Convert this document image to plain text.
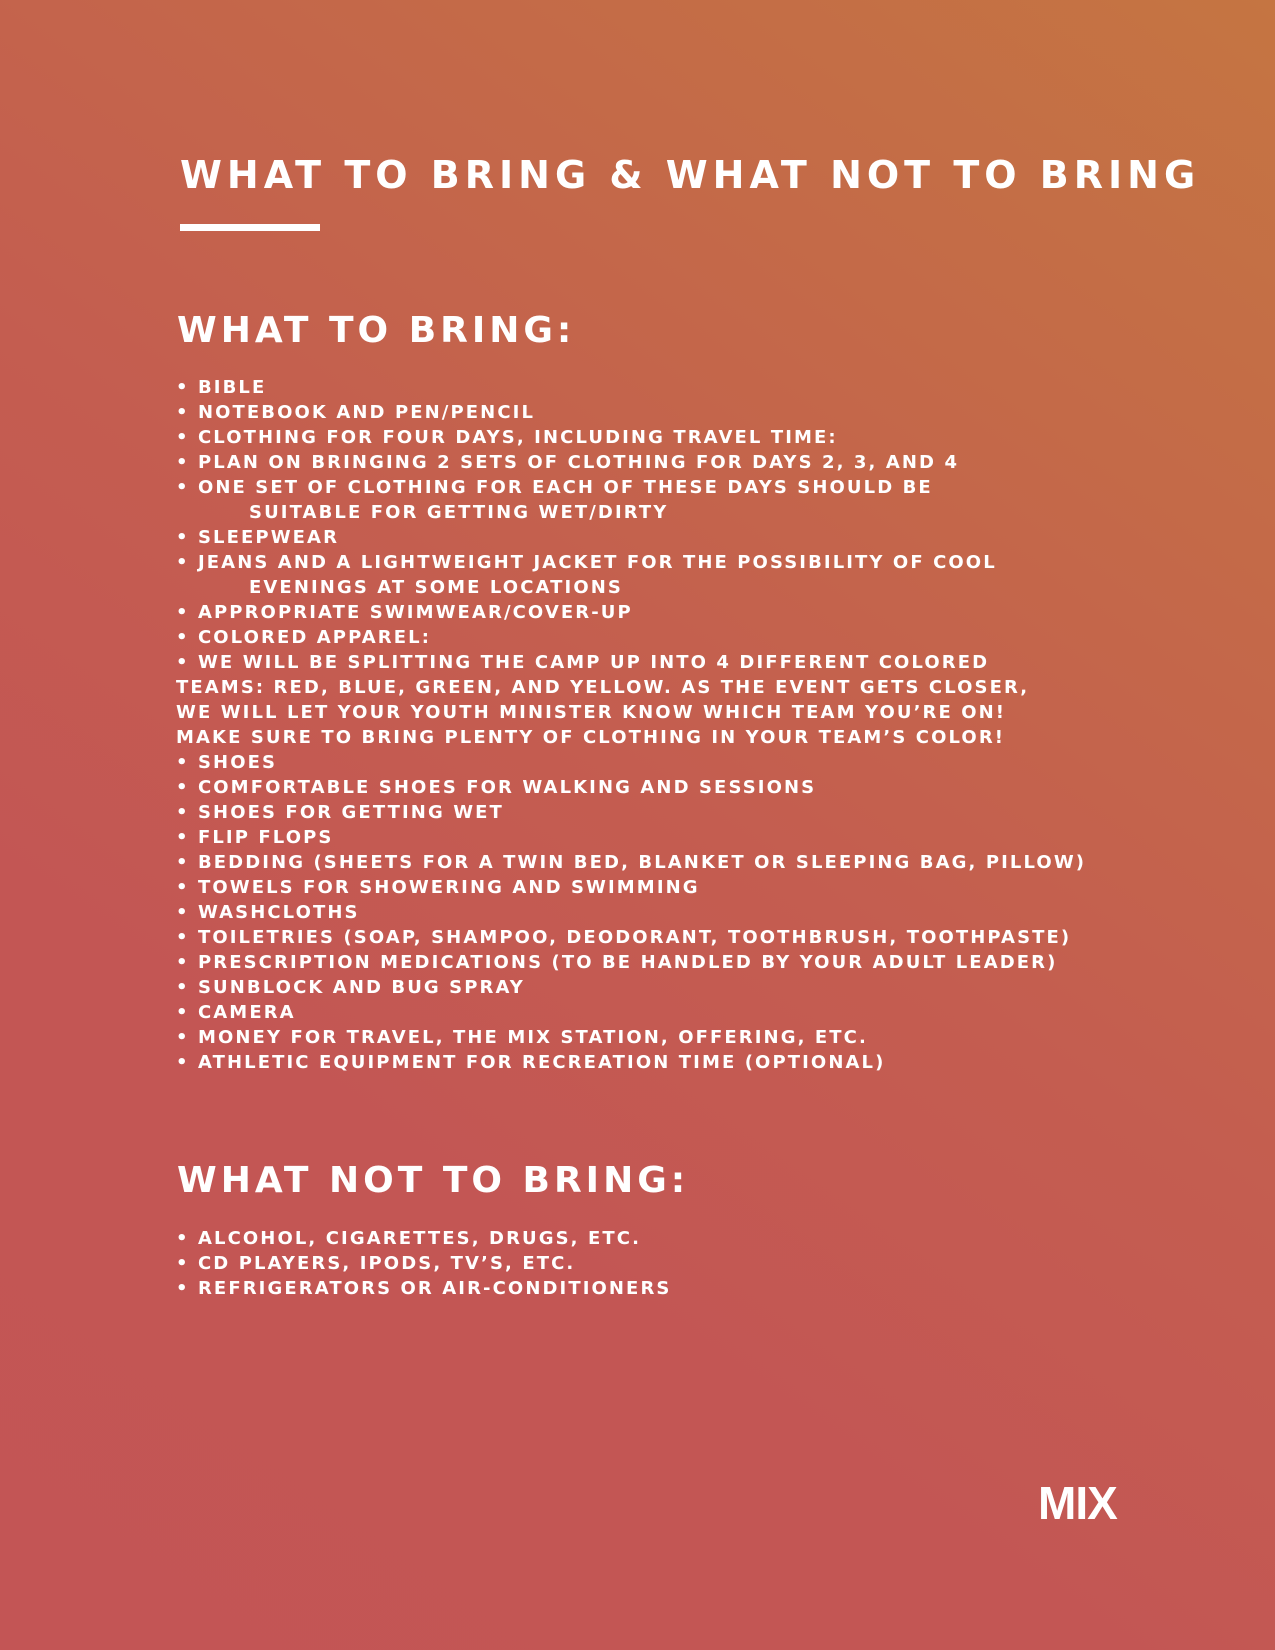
WHAT TO BRING & WHAT NOT TO BRING
WHAT TO BRING:
• BIBLE
• NOTEBOOK AND PEN/PENCIL
• CLOTHING FOR FOUR DAYS, INCLUDING TRAVEL TIME:
• PLAN ON BRINGING 2 SETS OF CLOTHING FOR DAYS 2, 3, AND 4
• ONE SET OF CLOTHING FOR EACH OF THESE DAYS SHOULD BE
SUITABLE FOR GETTING WET/DIRTY
• SLEEPWEAR
• JEANS AND A LIGHTWEIGHT JACKET FOR THE POSSIBILITY OF COOL
EVENINGS AT SOME LOCATIONS
• APPROPRIATE SWIMWEAR/COVER-UP
• COLORED APPAREL:
• WE WILL BE SPLITTING THE CAMP UP INTO 4 DIFFERENT COLORED
TEAMS: RED, BLUE, GREEN, AND YELLOW. AS THE EVENT GETS CLOSER,
WE WILL LET YOUR YOUTH MINISTER KNOW WHICH TEAM YOU’RE ON!
MAKE SURE TO BRING PLENTY OF CLOTHING IN YOUR TEAM’S COLOR!
• SHOES
• COMFORTABLE SHOES FOR WALKING AND SESSIONS
• SHOES FOR GETTING WET
• FLIP FLOPS
• BEDDING (SHEETS FOR A TWIN BED, BLANKET OR SLEEPING BAG, PILLOW)
• TOWELS FOR SHOWERING AND SWIMMING
• WASHCLOTHS
• TOILETRIES (SOAP, SHAMPOO, DEODORANT, TOOTHBRUSH, TOOTHPASTE)
• PRESCRIPTION MEDICATIONS (TO BE HANDLED BY YOUR ADULT LEADER)
• SUNBLOCK AND BUG SPRAY
• CAMERA
• MONEY FOR TRAVEL, THE MIX STATION, OFFERING, ETC.
• ATHLETIC EQUIPMENT FOR RECREATION TIME (OPTIONAL)
WHAT NOT TO BRING:
• ALCOHOL, CIGARETTES, DRUGS, ETC.
• CD PLAYERS, IPODS, TV’S, ETC.
• REFRIGERATORS OR AIR-CONDITIONERS
MIX
